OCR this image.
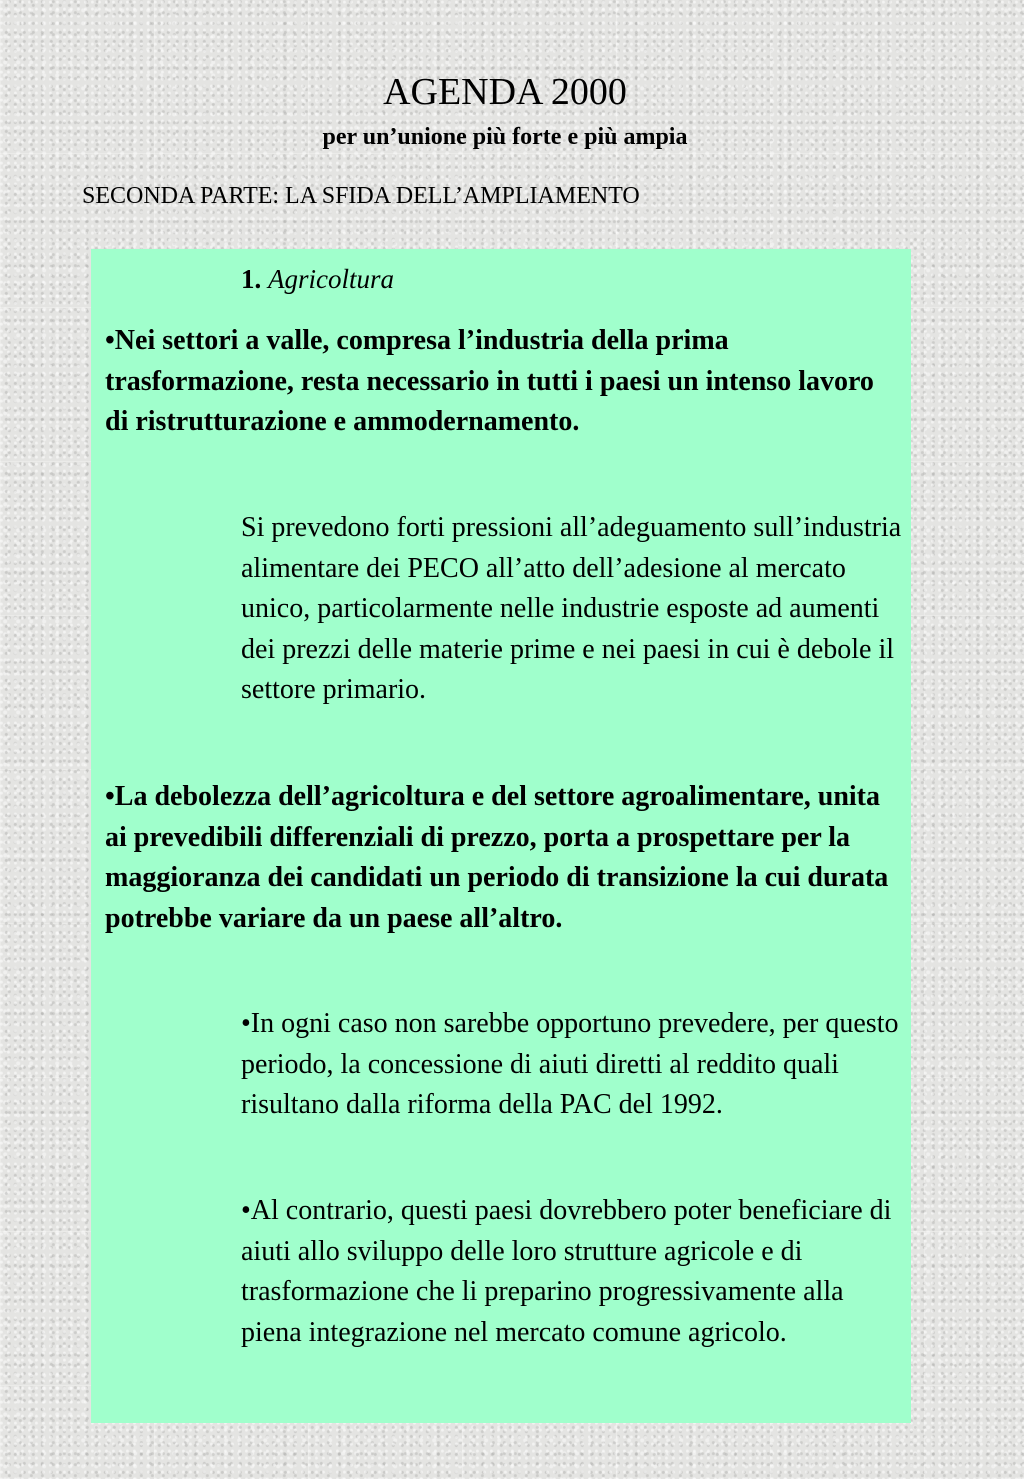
AGENDA 2000
per un’unione più forte e più ampia
SECONDA PARTE: LA SFIDA DELL’AMPLIAMENTO
1. Agricoltura

•Nei settori a valle, compresa l’industria della prima trasformazione, resta necessario in tutti i paesi un intenso lavoro di ristrutturazione e ammodernamento.

Si prevedono forti pressioni all’adeguamento sull’industria alimentare dei PECO all’atto dell’adesione al mercato unico, particolarmente nelle industrie esposte ad aumenti dei prezzi delle materie prime e nei paesi in cui è debole il settore primario.

•La debolezza dell’agricoltura e del settore agroalimentare, unita ai prevedibili differenziali di prezzo, porta a prospettare per la maggioranza dei candidati un periodo di transizione la cui durata potrebbe variare da un paese all’altro.

•In ogni caso non sarebbe opportuno prevedere, per questo periodo, la concessione di aiuti diretti al reddito quali risultano dalla riforma della PAC del 1992.

•Al contrario, questi paesi dovrebbero poter beneficiare di aiuti allo sviluppo delle loro strutture agricole e di trasformazione che li preparino progressivamente alla piena integrazione nel mercato comune agricolo.
